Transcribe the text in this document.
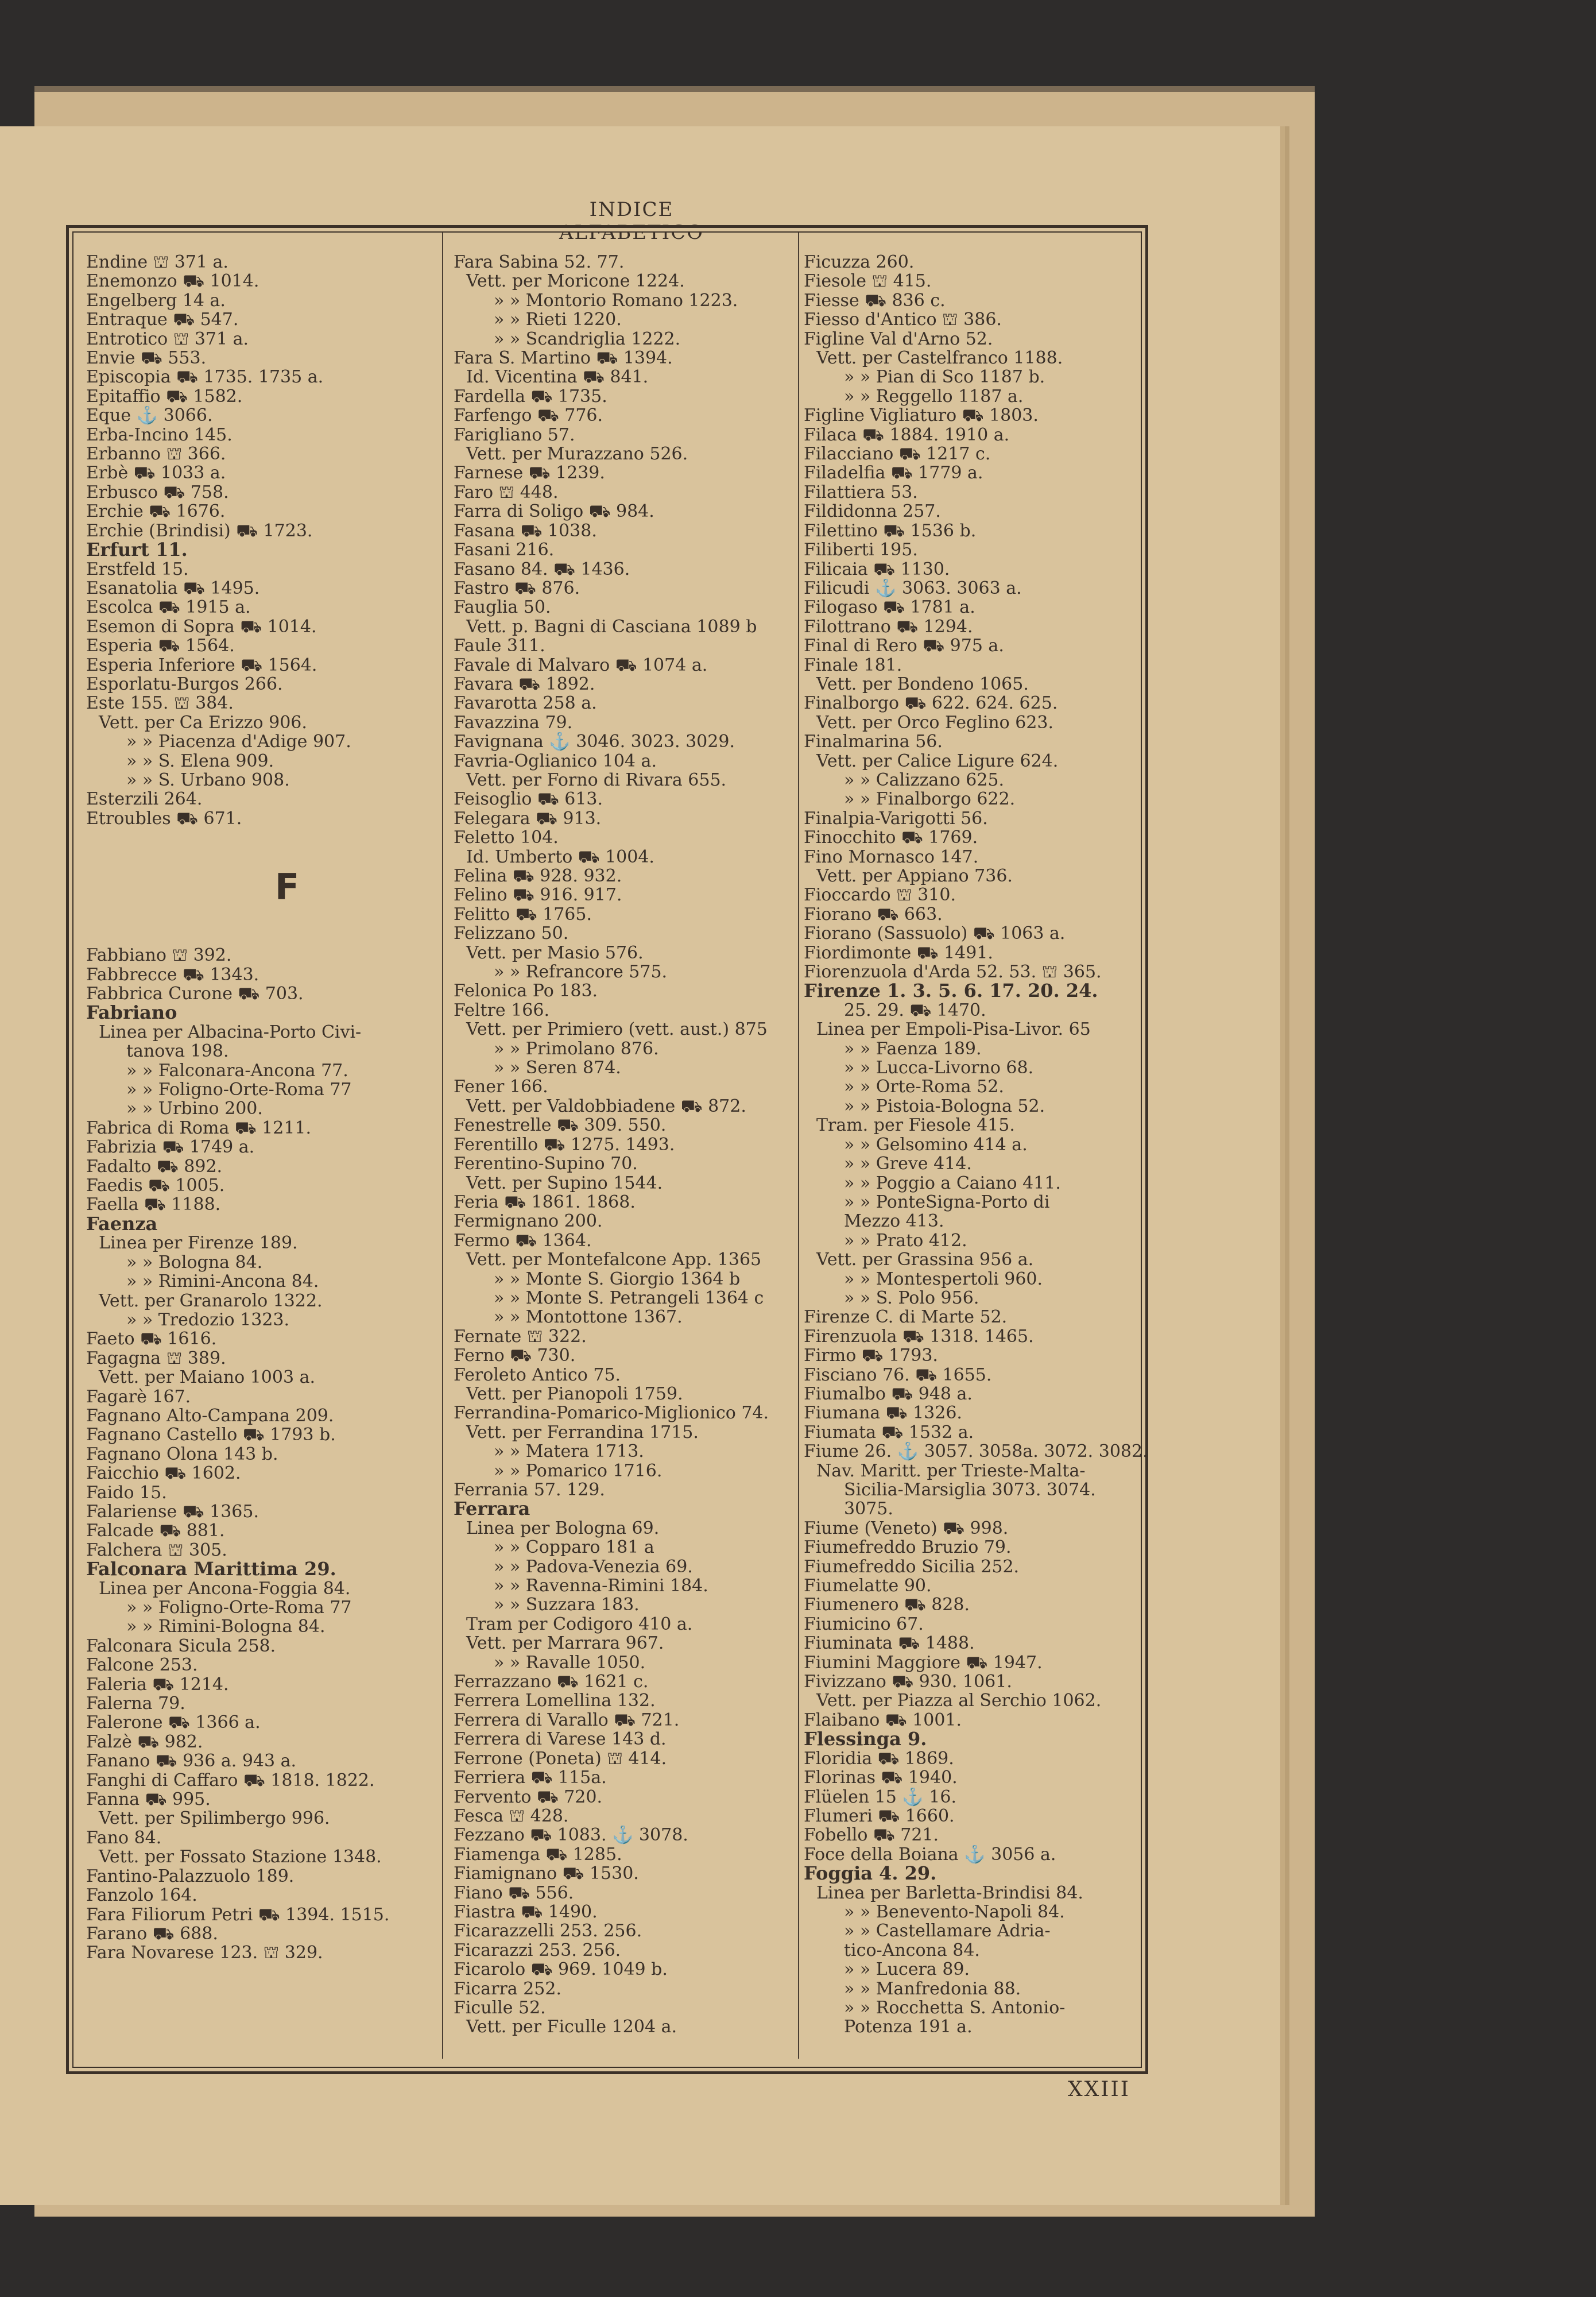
INDICE ALFABETICO
Endine ⛫ 371 a.
Enemonzo ⛟ 1014.
Engelberg 14 a.
Entraque ⛟ 547.
Entrotico ⛫ 371 a.
Envie ⛟ 553.
Episcopia ⛟ 1735. 1735 a.
Epitaffio ⛟ 1582.
Eque ⚓ 3066.
Erba-Incino 145.
Erbanno ⛫ 366.
Erbè ⛟ 1033 a.
Erbusco ⛟ 758.
Erchie ⛟ 1676.
Erchie (Brindisi) ⛟ 1723.
Erfurt 11.
Erstfeld 15.
Esanatolia ⛟ 1495.
Escolca ⛟ 1915 a.
Esemon di Sopra ⛟ 1014.
Esperia ⛟ 1564.
Esperia Inferiore ⛟ 1564.
Esporlatu-Burgos 266.
Este 155. ⛫ 384.
Vett. per Ca Erizzo 906.
» » Piacenza d'Adige 907.
» » S. Elena 909.
» » S. Urbano 908.
Esterzili 264.
Etroubles ⛟ 671.
F
Fabbiano ⛫ 392.
Fabbrecce ⛟ 1343.
Fabbrica Curone ⛟ 703.
Fabriano
Linea per Albacina-Porto Civi-
tanova 198.
» » Falconara-Ancona 77.
» » Foligno-Orte-Roma 77
» » Urbino 200.
Fabrica di Roma ⛟ 1211.
Fabrizia ⛟ 1749 a.
Fadalto ⛟ 892.
Faedis ⛟ 1005.
Faella ⛟ 1188.
Faenza
Linea per Firenze 189.
» » Bologna 84.
» » Rimini-Ancona 84.
Vett. per Granarolo 1322.
» » Tredozio 1323.
Faeto ⛟ 1616.
Fagagna ⛫ 389.
Vett. per Maiano 1003 a.
Fagarè 167.
Fagnano Alto-Campana 209.
Fagnano Castello ⛟ 1793 b.
Fagnano Olona 143 b.
Faicchio ⛟ 1602.
Faido 15.
Falariense ⛟ 1365.
Falcade ⛟ 881.
Falchera ⛫ 305.
Falconara Marittima 29.
Linea per Ancona-Foggia 84.
» » Foligno-Orte-Roma 77
» » Rimini-Bologna 84.
Falconara Sicula 258.
Falcone 253.
Faleria ⛟ 1214.
Falerna 79.
Falerone ⛟ 1366 a.
Falzè ⛟ 982.
Fanano ⛟ 936 a. 943 a.
Fanghi di Caffaro ⛟ 1818. 1822.
Fanna ⛟ 995.
Vett. per Spilimbergo 996.
Fano 84.
Vett. per Fossato Stazione 1348.
Fantino-Palazzuolo 189.
Fanzolo 164.
Fara Filiorum Petri ⛟ 1394. 1515.
Farano ⛟ 688.
Fara Novarese 123. ⛫ 329.
Fara Sabina 52. 77.
Vett. per Moricone 1224.
» » Montorio Romano 1223.
» » Rieti 1220.
» » Scandriglia 1222.
Fara S. Martino ⛟ 1394.
Id. Vicentina ⛟ 841.
Fardella ⛟ 1735.
Farfengo ⛟ 776.
Farigliano 57.
Vett. per Murazzano 526.
Farnese ⛟ 1239.
Faro ⛫ 448.
Farra di Soligo ⛟ 984.
Fasana ⛟ 1038.
Fasani 216.
Fasano 84. ⛟ 1436.
Fastro ⛟ 876.
Fauglia 50.
Vett. p. Bagni di Casciana 1089 b
Faule 311.
Favale di Malvaro ⛟ 1074 a.
Favara ⛟ 1892.
Favarotta 258 a.
Favazzina 79.
Favignana ⚓ 3046. 3023. 3029.
Favria-Oglianico 104 a.
Vett. per Forno di Rivara 655.
Feisoglio ⛟ 613.
Felegara ⛟ 913.
Feletto 104.
Id. Umberto ⛟ 1004.
Felina ⛟ 928. 932.
Felino ⛟ 916. 917.
Felitto ⛟ 1765.
Felizzano 50.
Vett. per Masio 576.
» » Refrancore 575.
Felonica Po 183.
Feltre 166.
Vett. per Primiero (vett. aust.) 875
» » Primolano 876.
» » Seren 874.
Fener 166.
Vett. per Valdobbiadene ⛟ 872.
Fenestrelle ⛟ 309. 550.
Ferentillo ⛟ 1275. 1493.
Ferentino-Supino 70.
Vett. per Supino 1544.
Feria ⛟ 1861. 1868.
Fermignano 200.
Fermo ⛟ 1364.
Vett. per Montefalcone App. 1365
» » Monte S. Giorgio 1364 b
» » Monte S. Petrangeli 1364 c
» » Montottone 1367.
Fernate ⛫ 322.
Ferno ⛟ 730.
Feroleto Antico 75.
Vett. per Pianopoli 1759.
Ferrandina-Pomarico-Miglionico 74.
Vett. per Ferrandina 1715.
» » Matera 1713.
» » Pomarico 1716.
Ferrania 57. 129.
Ferrara
Linea per Bologna 69.
» » Copparo 181 a
» » Padova-Venezia 69.
» » Ravenna-Rimini 184.
» » Suzzara 183.
Tram per Codigoro 410 a.
Vett. per Marrara 967.
» » Ravalle 1050.
Ferrazzano ⛟ 1621 c.
Ferrera Lomellina 132.
Ferrera di Varallo ⛟ 721.
Ferrera di Varese 143 d.
Ferrone (Poneta) ⛫ 414.
Ferriera ⛟ 115a.
Fervento ⛟ 720.
Fesca ⛫ 428.
Fezzano ⛟ 1083. ⚓ 3078.
Fiamenga ⛟ 1285.
Fiamignano ⛟ 1530.
Fiano ⛟ 556.
Fiastra ⛟ 1490.
Ficarazzelli 253. 256.
Ficarazzi 253. 256.
Ficarolo ⛟ 969. 1049 b.
Ficarra 252.
Ficulle 52.
Vett. per Ficulle 1204 a.
Ficuzza 260.
Fiesole ⛫ 415.
Fiesse ⛟ 836 c.
Fiesso d'Antico ⛫ 386.
Figline Val d'Arno 52.
Vett. per Castelfranco 1188.
» » Pian di Sco 1187 b.
» » Reggello 1187 a.
Figline Vigliaturo ⛟ 1803.
Filaca ⛟ 1884. 1910 a.
Filacciano ⛟ 1217 c.
Filadelfia ⛟ 1779 a.
Filattiera 53.
Fildidonna 257.
Filettino ⛟ 1536 b.
Filiberti 195.
Filicaia ⛟ 1130.
Filicudi ⚓ 3063. 3063 a.
Filogaso ⛟ 1781 a.
Filottrano ⛟ 1294.
Final di Rero ⛟ 975 a.
Finale 181.
Vett. per Bondeno 1065.
Finalborgo ⛟ 622. 624. 625.
Vett. per Orco Feglino 623.
Finalmarina 56.
Vett. per Calice Ligure 624.
» » Calizzano 625.
» » Finalborgo 622.
Finalpia-Varigotti 56.
Finocchito ⛟ 1769.
Fino Mornasco 147.
Vett. per Appiano 736.
Fioccardo ⛫ 310.
Fiorano ⛟ 663.
Fiorano (Sassuolo) ⛟ 1063 a.
Fiordimonte ⛟ 1491.
Fiorenzuola d'Arda 52. 53. ⛫ 365.
Firenze 1. 3. 5. 6. 17. 20. 24.
25. 29. ⛟ 1470.
Linea per Empoli-Pisa-Livor. 65
» » Faenza 189.
» » Lucca-Livorno 68.
» » Orte-Roma 52.
» » Pistoia-Bologna 52.
Tram. per Fiesole 415.
» » Gelsomino 414 a.
» » Greve 414.
» » Poggio a Caiano 411.
» » PonteSigna-Porto di
Mezzo 413.
» » Prato 412.
Vett. per Grassina 956 a.
» » Montespertoli 960.
» » S. Polo 956.
Firenze C. di Marte 52.
Firenzuola ⛟ 1318. 1465.
Firmo ⛟ 1793.
Fisciano 76. ⛟ 1655.
Fiumalbo ⛟ 948 a.
Fiumana ⛟ 1326.
Fiumata ⛟ 1532 a.
Fiume 26. ⚓ 3057. 3058a. 3072. 3082.
Nav. Maritt. per Trieste-Malta-
Sicilia-Marsiglia 3073. 3074.
3075.
Fiume (Veneto) ⛟ 998.
Fiumefreddo Bruzio 79.
Fiumefreddo Sicilia 252.
Fiumelatte 90.
Fiumenero ⛟ 828.
Fiumicino 67.
Fiuminata ⛟ 1488.
Fiumini Maggiore ⛟ 1947.
Fivizzano ⛟ 930. 1061.
Vett. per Piazza al Serchio 1062.
Flaibano ⛟ 1001.
Flessinga 9.
Floridia ⛟ 1869.
Florinas ⛟ 1940.
Flüelen 15 ⚓ 16.
Flumeri ⛟ 1660.
Fobello ⛟ 721.
Foce della Boiana ⚓ 3056 a.
Foggia 4. 29.
Linea per Barletta-Brindisi 84.
» » Benevento-Napoli 84.
» » Castellamare Adria-
tico-Ancona 84.
» » Lucera 89.
» » Manfredonia 88.
» » Rocchetta S. Antonio-
Potenza 191 a.
XXIII
